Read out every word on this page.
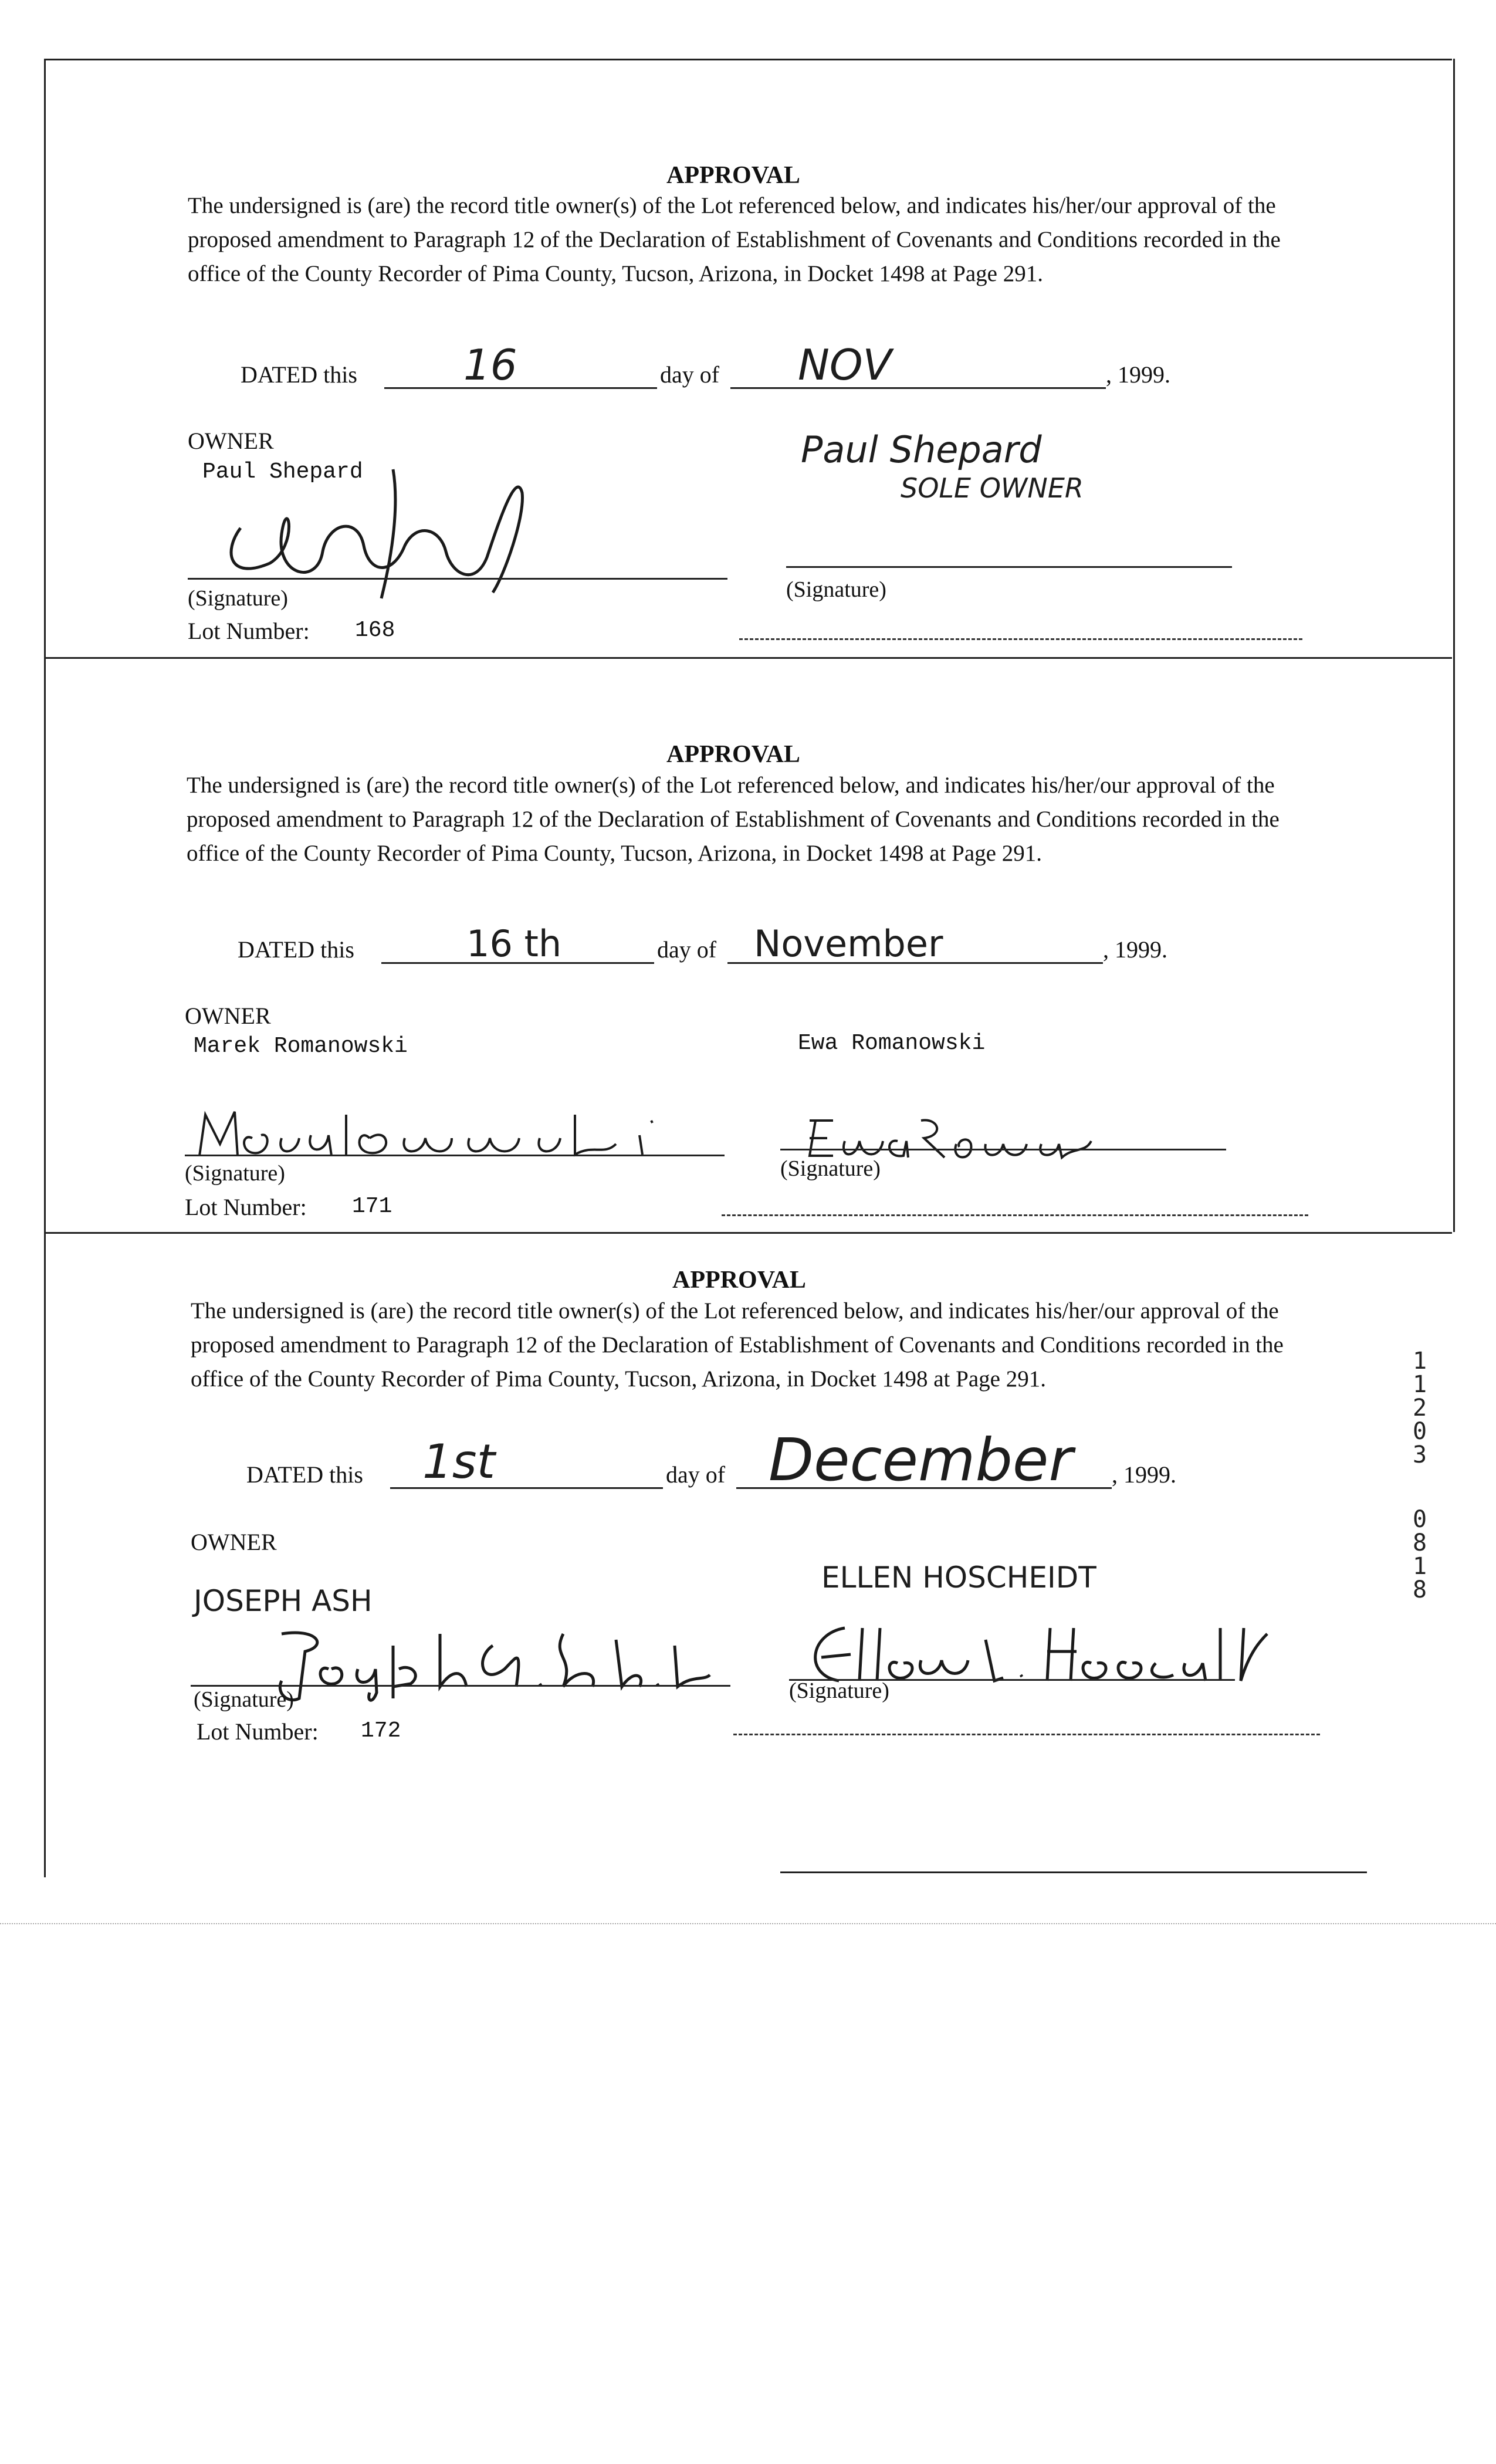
APPROVAL
The undersigned is (are) the record title owner(s) of the Lot referenced below, and indicates his/her/our approval of the proposed amendment to Paragraph 12 of the Declaration of Establishment of Covenants and Conditions recorded in the office of the County Recorder of Pima County, Tucson, Arizona, in Docket 1498 at Page 291.
DATED this	16	day of NOV	, 1999.
OWNER
Paul Shepard
Paul Shepard
SOLE OWNER
(Signature)	(Signature)
Lot Number: 168
APPROVAL
The undersigned is (are) the record title owner(s) of the Lot referenced below, and indicates his/her/our approval of the proposed amendment to Paragraph 12 of the Declaration of Establishment of Covenants and Conditions recorded in the office of the County Recorder of Pima County, Tucson, Arizona, in Docket 1498 at Page 291.
DATED this	16 th	day of November	, 1999.
OWNER
Marek Romanowski	Ewa Romanowski
(Signature)	(Signature)
Lot Number: 171
APPROVAL
The undersigned is (are) the record title owner(s) of the Lot referenced below, and indicates his/her/our approval of the proposed amendment to Paragraph 12 of the Declaration of Establishment of Covenants and Conditions recorded in the office of the County Recorder of Pima County, Tucson, Arizona, in Docket 1498 at Page 291.
DATED this 1st	day of December , 1999.
OWNER
JOSEPH ASH
ELLEN HOSCHEIDT
(Signature)	(Signature)
Lot Number: 172
1
1
2
0
3
0
8
1
8
